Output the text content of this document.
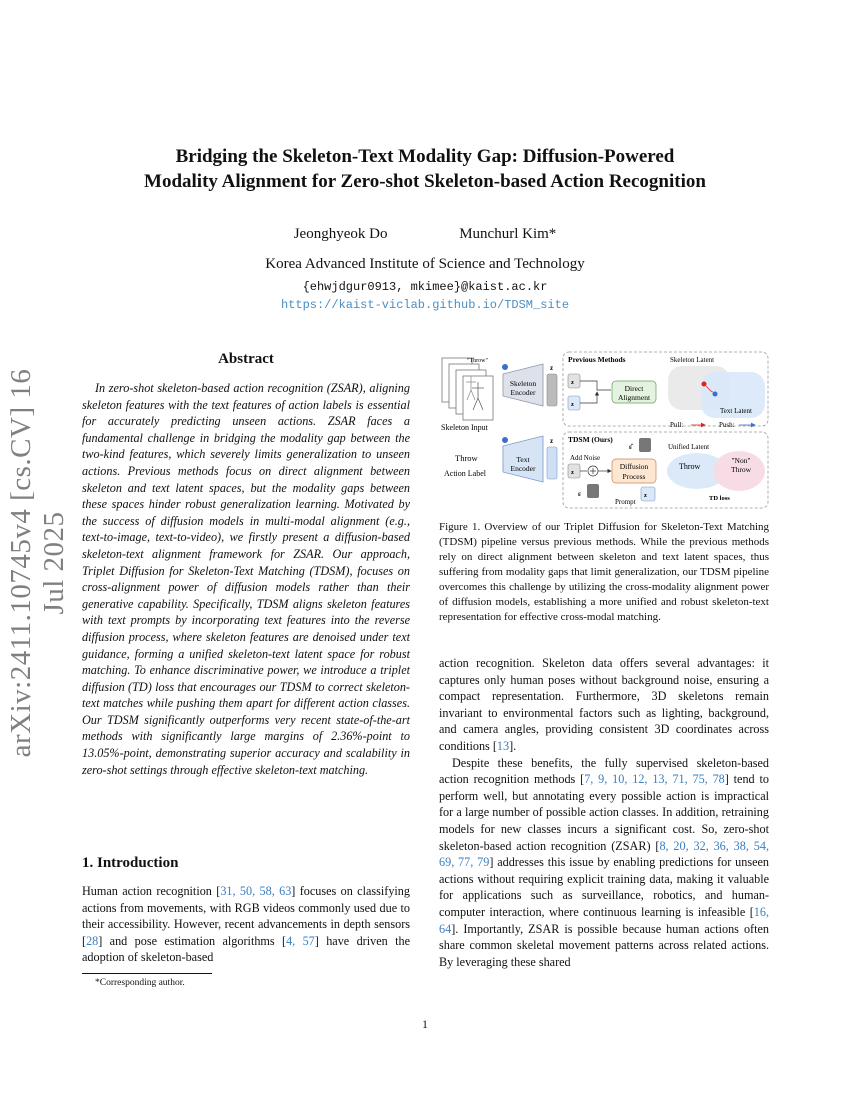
arXiv:2411.10745v4 [cs.CV] 16 Jul 2025
Bridging the Skeleton-Text Modality Gap: Diffusion-Powered
Modality Alignment for Zero-shot Skeleton-based Action Recognition
Jeonghyeok Do	Munchurl Kim*
Korea Advanced Institute of Science and Technology
{ehwjdgur0913, mkimee}@kaist.ac.kr
https://kaist-viclab.github.io/TDSM_site
Abstract
In zero-shot skeleton-based action recognition (ZSAR), aligning skeleton features with the text features of action labels is essential for accurately predicting unseen actions. ZSAR faces a fundamental challenge in bridging the modality gap between the two-kind features, which severely limits generalization to unseen actions. Previous methods focus on direct alignment between skeleton and text latent spaces, but the modality gaps between these spaces hinder robust generalization learning. Motivated by the success of diffusion models in multi-modal alignment (e.g., text-to-image, text-to-video), we firstly present a diffusion-based skeleton-text alignment framework for ZSAR. Our approach, Triplet Diffusion for Skeleton-Text Matching (TDSM), focuses on cross-alignment power of diffusion models rather than their generative capability. Specifically, TDSM aligns skeleton features with text prompts by incorporating text features into the reverse diffusion process, where skeleton features are denoised under text guidance, forming a unified skeleton-text latent space for robust matching. To enhance discriminative power, we introduce a triplet diffusion (TD) loss that encourages our TDSM to correct skeleton-text matches while pushing them apart for different action classes. Our TDSM significantly outperforms very recent state-of-the-art methods with significantly large margins of 2.36%-point to 13.05%-point, demonstrating superior accuracy and scalability in zero-shot settings through effective skeleton-text matching.
1. Introduction
Human action recognition [31, 50, 58, 63] focuses on classifying actions from movements, with RGB videos commonly used due to their accessibility. However, recent advancements in depth sensors [28] and pose estimation algorithms [4, 57] have driven the adoption of skeleton-based
*Corresponding author.
"Throw"
Skeleton Input
Skeleton
Encoder
z
Previous Methods
z
z
Direct
Alignment
Skeleton Latent
Text Latent
Pull:	Push:
Throw
Action Label
Text
Encoder
z TDSM (Ours)
Add Noise
z
ε
ε̂
Diffusion
Process
z
Prompt
Unified Latent
Throw
"Non"
Throw
TD loss
Figure 1. Overview of our Triplet Diffusion for Skeleton-Text Matching (TDSM) pipeline versus previous methods. While the previous methods rely on direct alignment between skeleton and text latent spaces, thus suffering from modality gaps that limit generalization, our TDSM pipeline overcomes this challenge by utilizing the cross-modality alignment power of diffusion models, establishing a more unified and robust skeleton-text representation for effective cross-modal matching.

action recognition. Skeleton data offers several advantages: it captures only human poses without background noise, ensuring a compact representation. Furthermore, 3D skeletons remain invariant to environmental factors such as lighting, background, and camera angles, providing consistent 3D coordinates across conditions [13].

Despite these benefits, the fully supervised skeleton-based action recognition methods [7, 9, 10, 12, 13, 71, 75, 78] tend to perform well, but annotating every possible action is impractical for a large number of possible action classes. In addition, retraining models for new classes incurs a significant cost. So, zero-shot skeleton-based action recognition (ZSAR) [8, 20, 32, 36, 38, 54, 69, 77, 79] addresses this issue by enabling predictions for unseen actions without requiring explicit training data, making it valuable for applications such as surveillance, robotics, and human-computer interaction, where continuous learning is infeasible [16, 64]. Importantly, ZSAR is possible because human actions often share common skeletal movement patterns across related actions. By leveraging these shared

1
